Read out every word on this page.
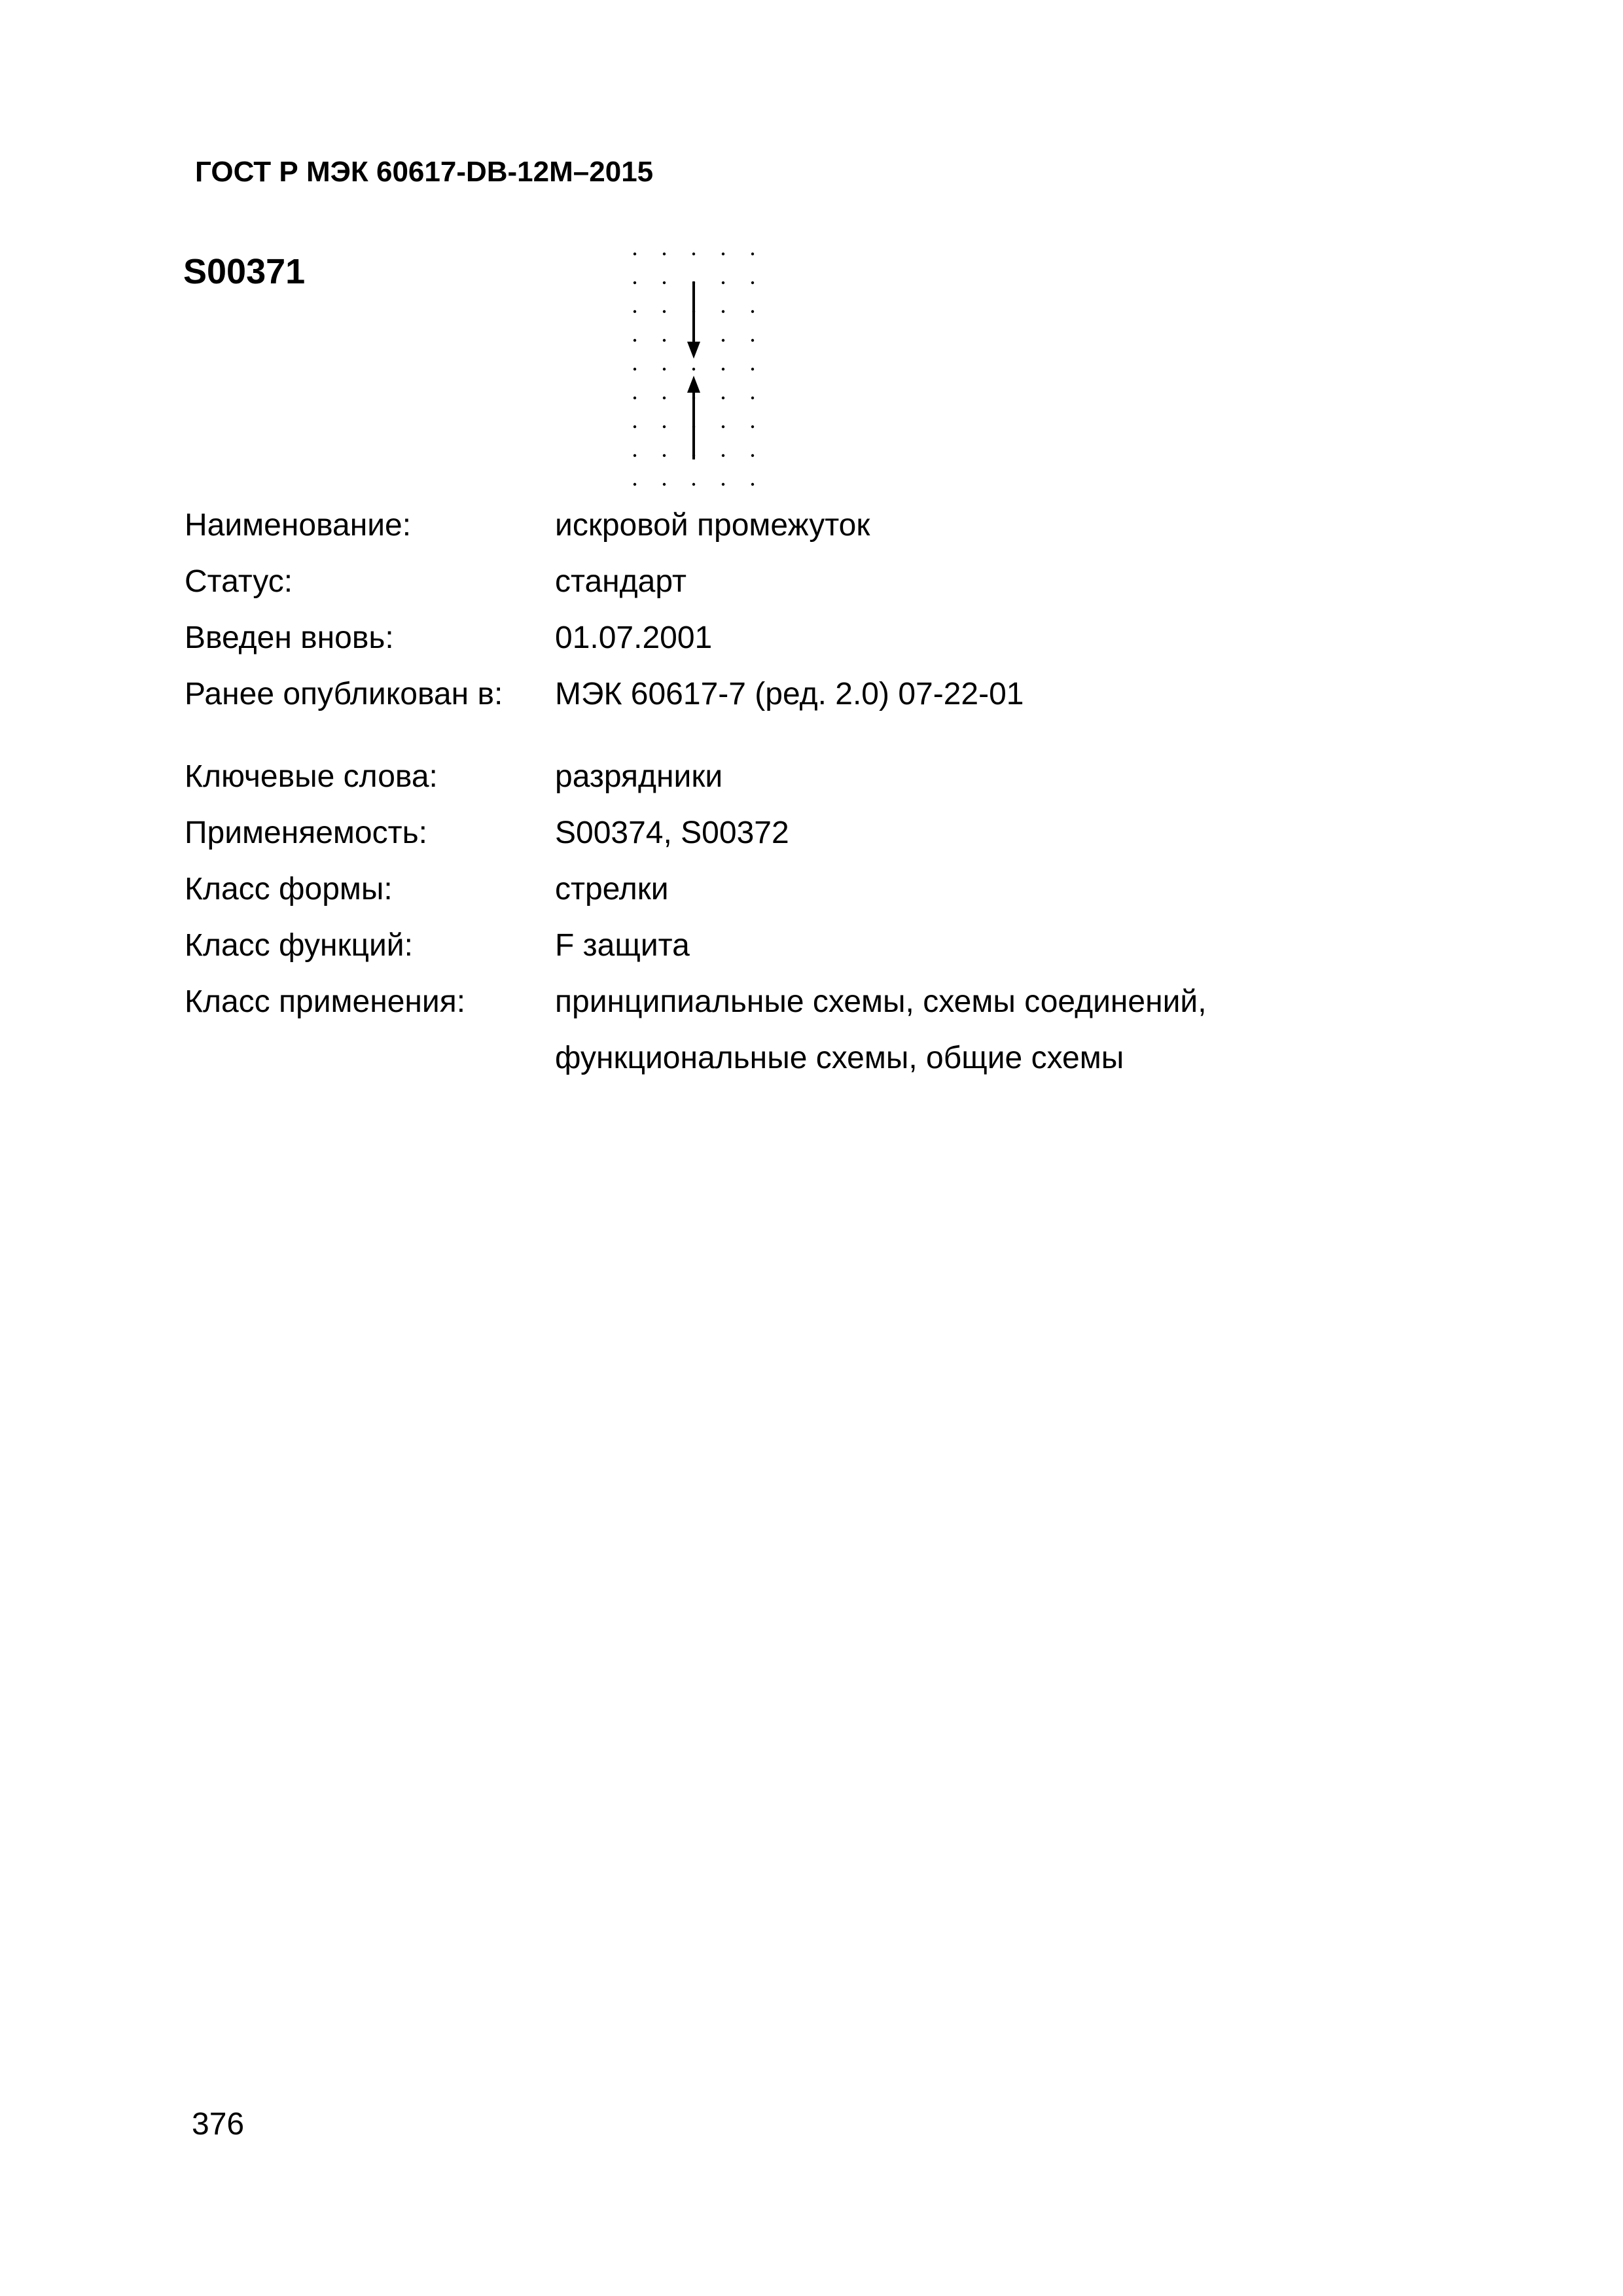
ГОСТ Р МЭК 60617-DB-12M–2015
S00371
Наименование:	искровой промежуток
Статус:	стандарт
Введен вновь:	01.07.2001
Ранее опубликован в: МЭК 60617-7 (ред. 2.0) 07-22-01
Ключевые слова:	разрядники
Применяемость:	S00374, S00372
Класс формы:	стрелки
Класс функций:	F защита
Класс применения:	принципиальные схемы, схемы соединений,
функциональные схемы, общие схемы
376
